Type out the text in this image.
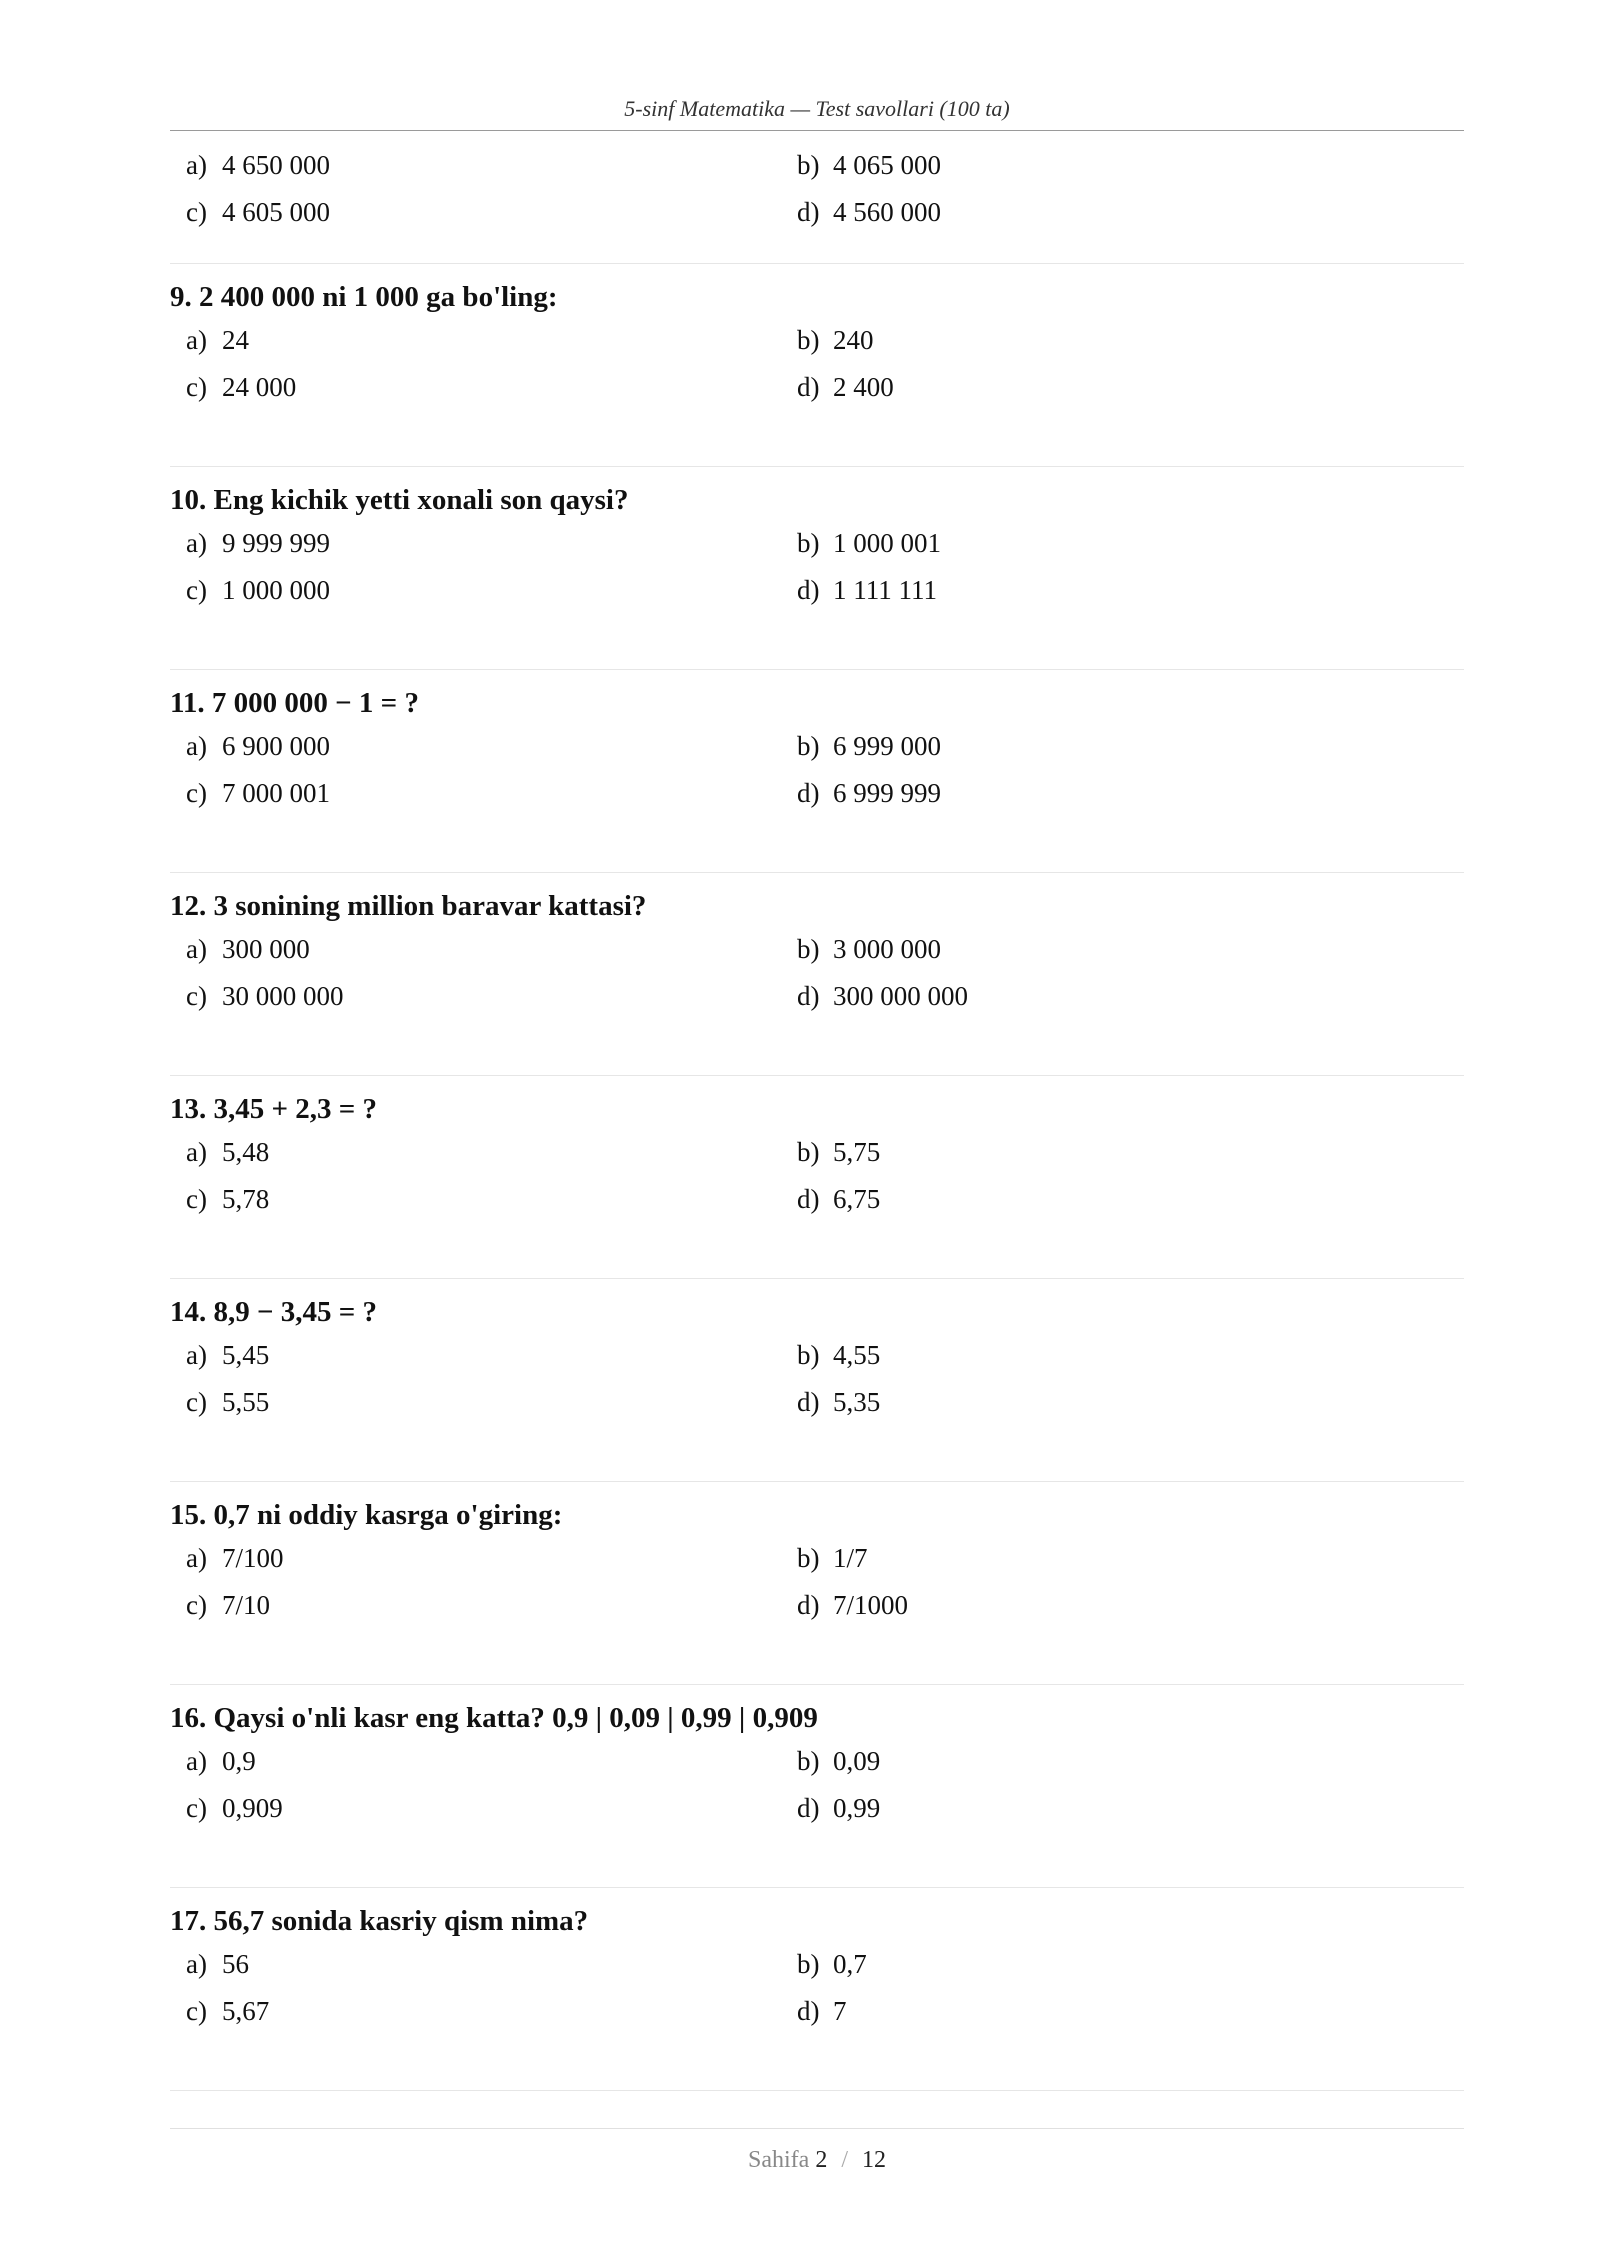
5-sinf Matematika — Test savollari (100 ta)
a) 4 650 000	b) 4 065 000
c) 4 605 000	d) 4 560 000
9. 2 400 000 ni 1 000 ga bo'ling:
a) 24	b) 240
c) 24 000	d) 2 400
10. Eng kichik yetti xonali son qaysi?
a) 9 999 999	b) 1 000 001
c) 1 000 000	d) 1 111 111
11. 7 000 000 − 1 = ?
a) 6 900 000	b) 6 999 000
c) 7 000 001	d) 6 999 999
12. 3 sonining million baravar kattasi?
a) 300 000	b) 3 000 000
c) 30 000 000	d) 300 000 000
13. 3,45 + 2,3 = ?
a) 5,48	b) 5,75
c) 5,78	d) 6,75
14. 8,9 − 3,45 = ?
a) 5,45	b) 4,55
c) 5,55	d) 5,35
15. 0,7 ni oddiy kasrga o'giring:
a) 7/100	b) 1/7
c) 7/10	d) 7/1000
16. Qaysi o'nli kasr eng katta? 0,9 | 0,09 | 0,99 | 0,909
a) 0,9	b) 0,09
c) 0,909	d) 0,99
17. 56,7 sonida kasriy qism nima?
a) 56	b) 0,7
c) 5,67	d) 7
Sahifa 2 / 12
